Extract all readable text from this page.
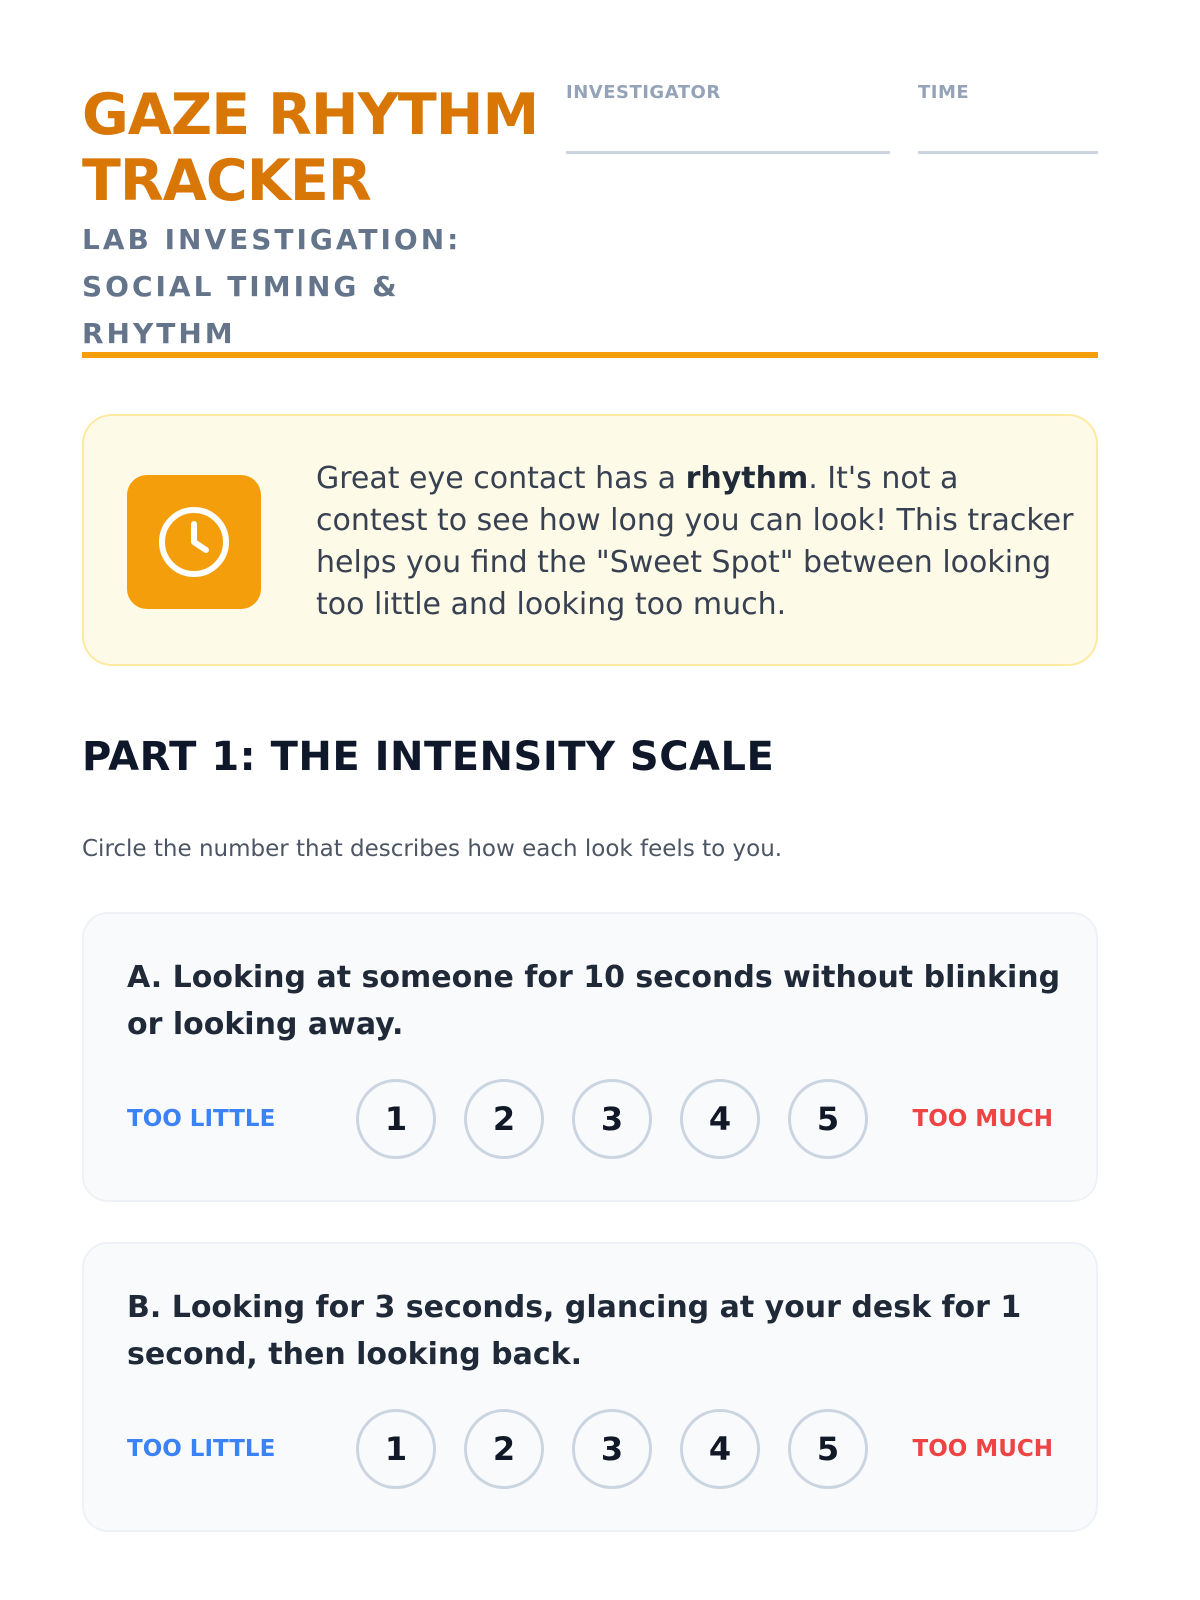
GAZE RHYTHM
TRACKER
LAB INVESTIGATION:
SOCIAL TIMING & RHYTHM
INVESTIGATOR	TIME
Great eye contact has a rhythm. It's not a contest to see how long you can look! This tracker helps you find the "Sweet Spot" between looking too little and looking too much.
PART 1: THE INTENSITY SCALE
Circle the number that describes how each look feels to you.
A. Looking at someone for 10 seconds without blinking or looking away.
TOO LITTLE	1	2	3	4	5	TOO MUCH
B. Looking for 3 seconds, glancing at your desk for 1 second, then looking back.
TOO LITTLE	1	2	3	4	5	TOO MUCH
